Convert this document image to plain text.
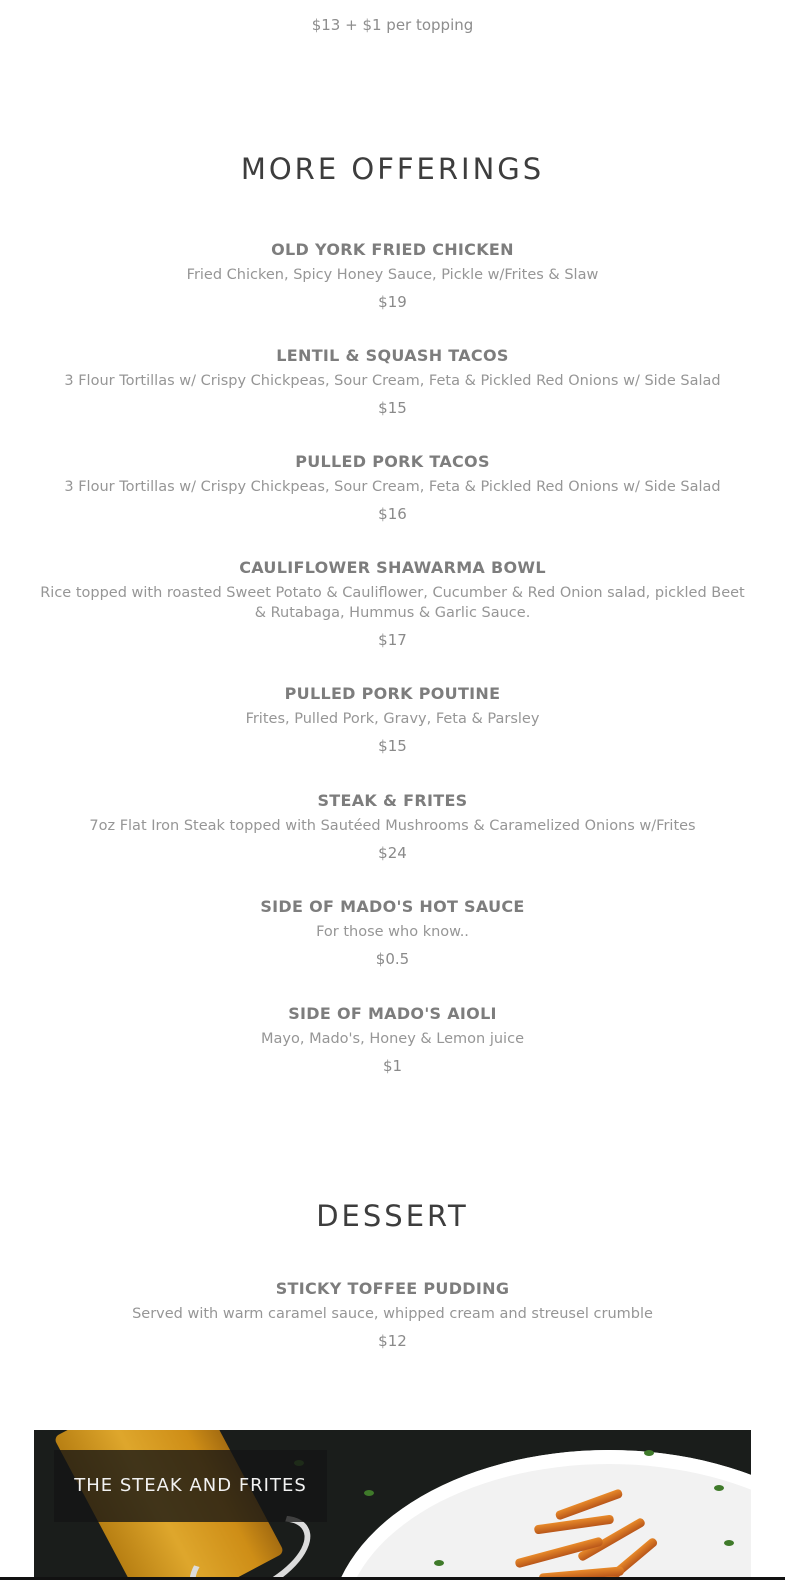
$13 + $1 per topping
MORE OFFERINGS
OLD YORK FRIED CHICKEN
Fried Chicken, Spicy Honey Sauce, Pickle w/Frites & Slaw
$19
LENTIL & SQUASH TACOS
3 Flour Tortillas w/ Crispy Chickpeas, Sour Cream, Feta & Pickled Red Onions w/ Side Salad
$15
PULLED PORK TACOS
3 Flour Tortillas w/ Crispy Chickpeas, Sour Cream, Feta & Pickled Red Onions w/ Side Salad
$16
CAULIFLOWER SHAWARMA BOWL
Rice topped with roasted Sweet Potato & Cauliflower, Cucumber & Red Onion salad, pickled Beet & Rutabaga, Hummus & Garlic Sauce.
$17
PULLED PORK POUTINE
Frites, Pulled Pork, Gravy, Feta & Parsley
$15
STEAK & FRITES
7oz Flat Iron Steak topped with Sautéed Mushrooms & Caramelized Onions w/Frites
$24
SIDE OF MADO'S HOT SAUCE
For those who know..
$0.5
SIDE OF MADO'S AIOLI
Mayo, Mado's, Honey & Lemon juice
$1
DESSERT
STICKY TOFFEE PUDDING
Served with warm caramel sauce, whipped cream and streusel crumble
$12
THE STEAK AND FRITES
